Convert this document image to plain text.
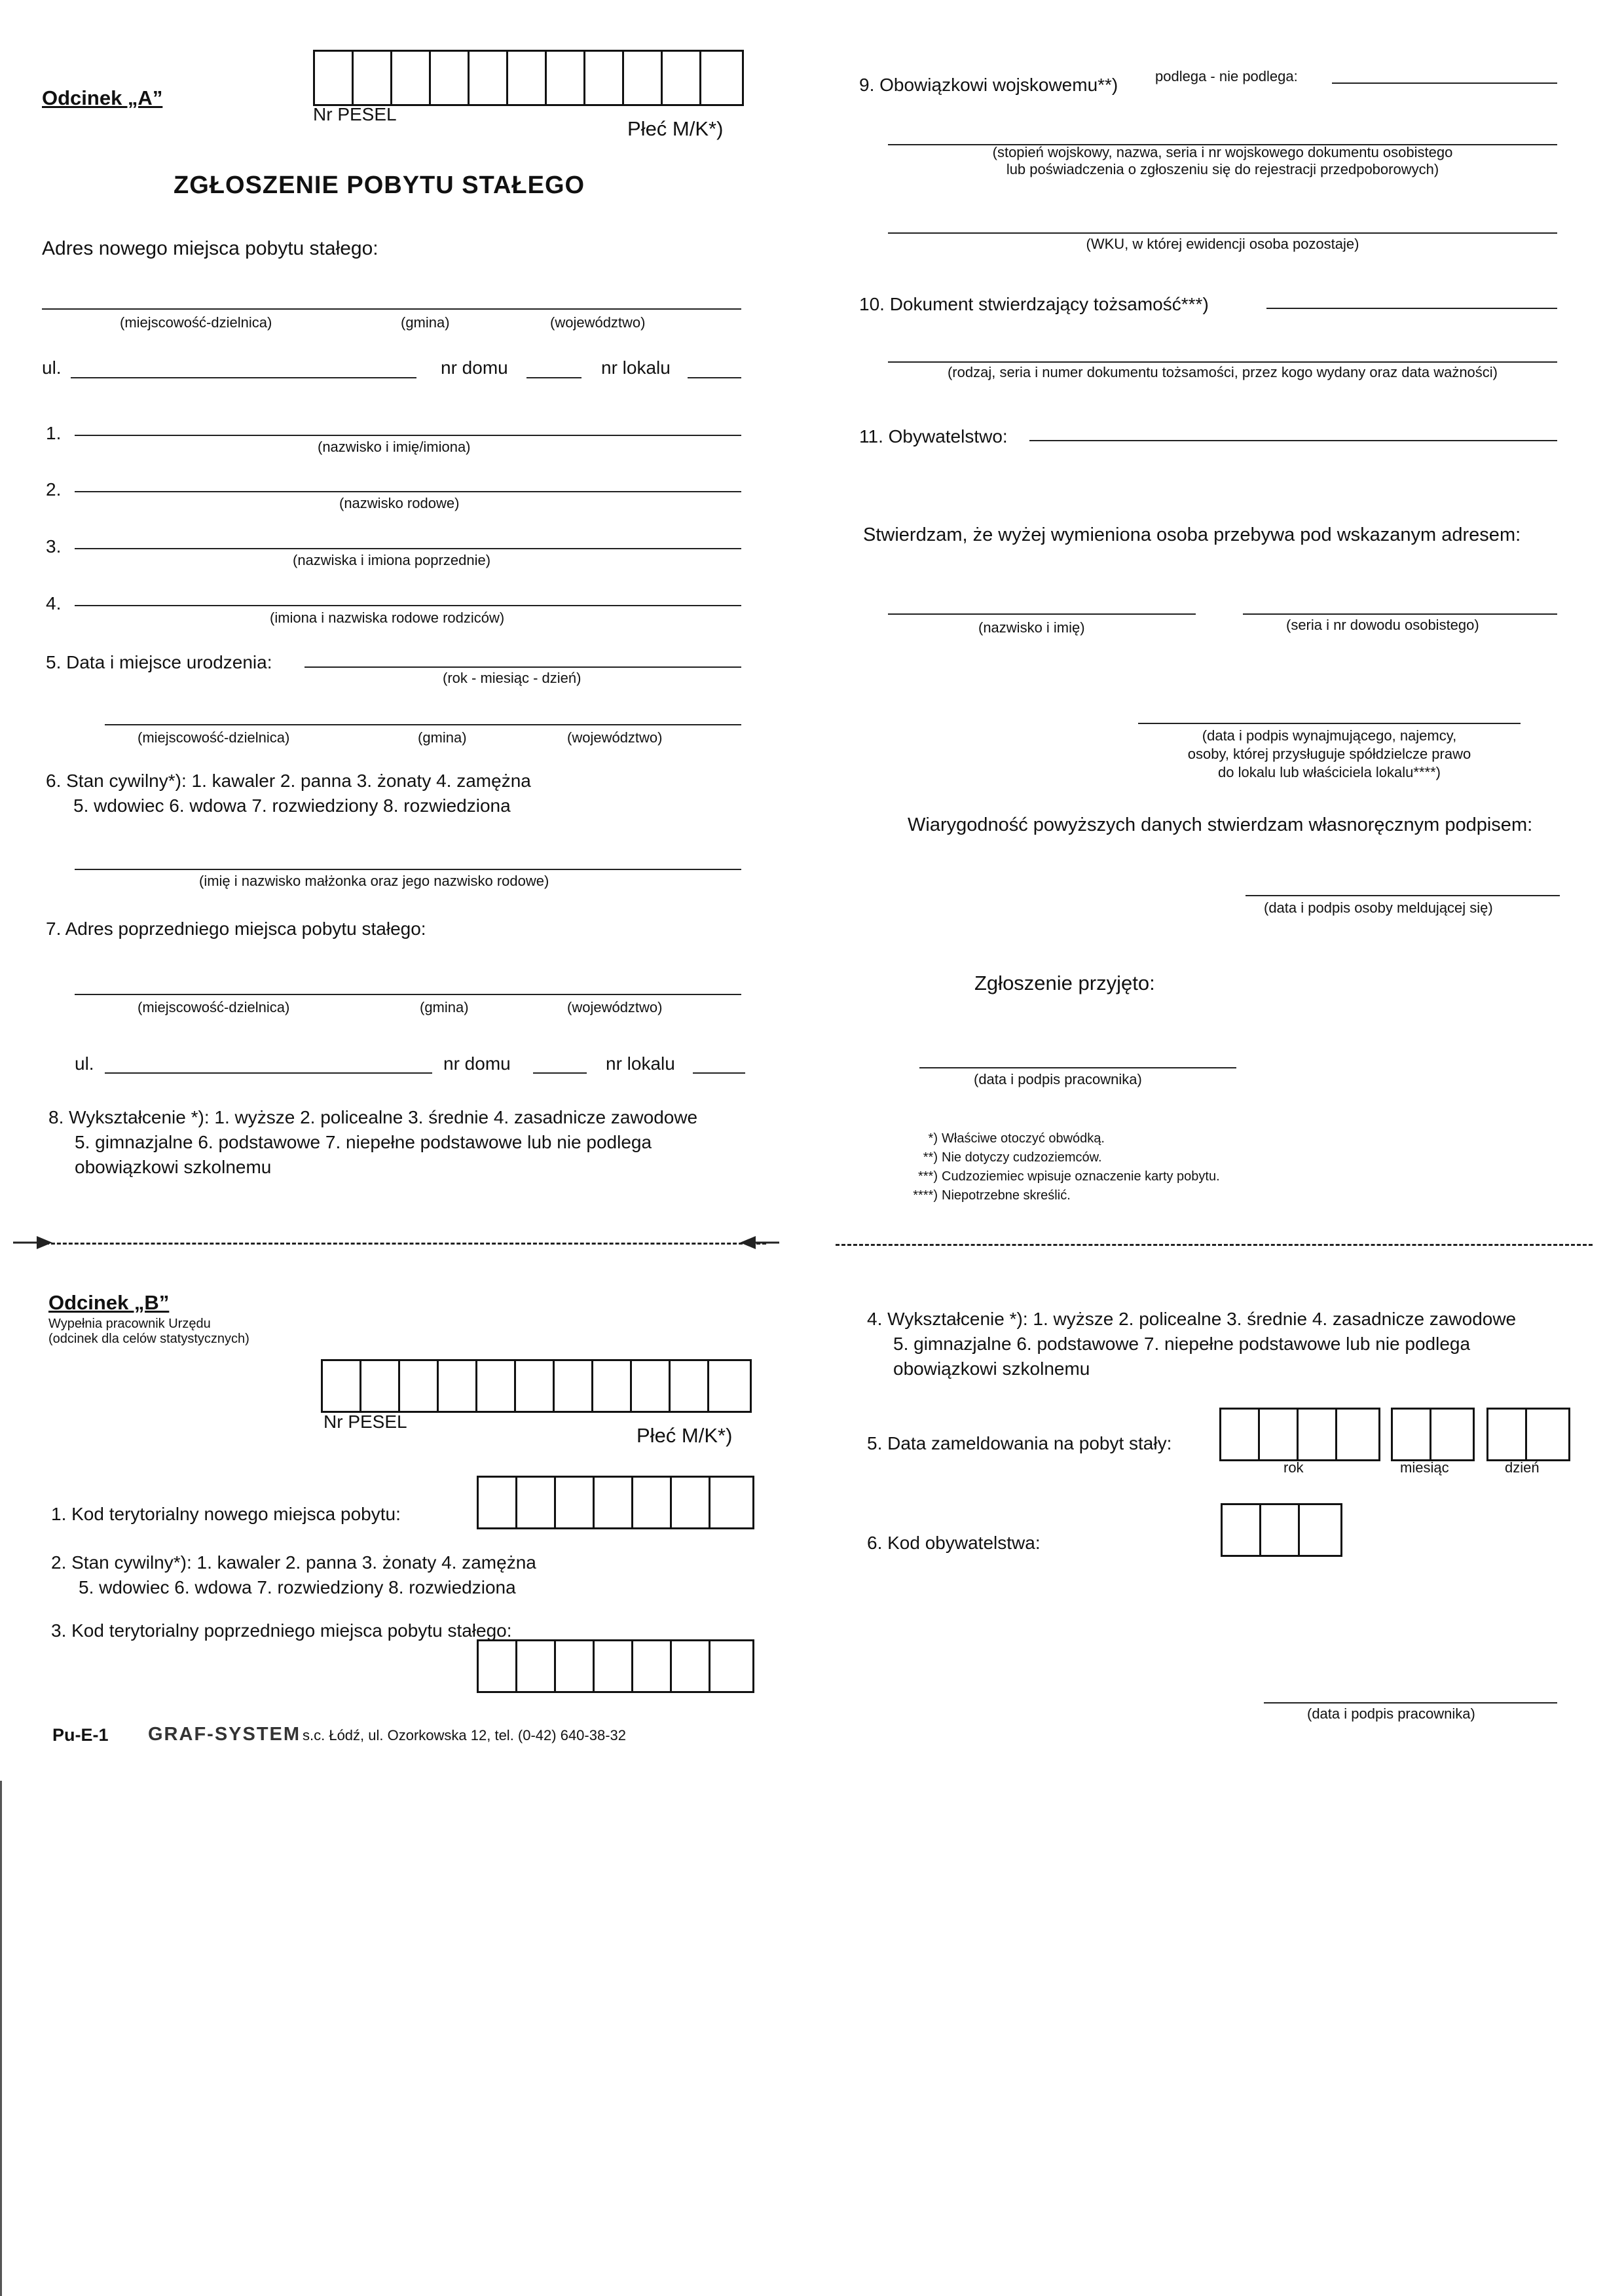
Odcinek „A”
Nr PESEL
Płeć M/K*)
ZGŁOSZENIE POBYTU STAŁEGO
Adres nowego miejsca pobytu stałego:
(miejscowość-dzielnica)	(gmina)	(województwo)
ul.	nr domu	nr lokalu
1.
(nazwisko i imię/imiona)
2.
(nazwisko rodowe)
3.
(nazwiska i imiona poprzednie)
4.
(imiona i nazwiska rodowe rodziców)
5. Data i miejsce urodzenia:
(rok - miesiąc - dzień)
(miejscowość-dzielnica)	(gmina)	(województwo)
6. Stan cywilny*): 1. kawaler 2. panna 3. żonaty 4. zamężna
5. wdowiec 6. wdowa 7. rozwiedziony 8. rozwiedziona
(imię i nazwisko małżonka oraz jego nazwisko rodowe)
7. Adres poprzedniego miejsca pobytu stałego:
(miejscowość-dzielnica)	(gmina)	(województwo)
ul.	nr domu	nr lokalu
8. Wykształcenie *): 1. wyższe 2. policealne 3. średnie 4. zasadnicze zawodowe
5. gimnazjalne 6. podstawowe 7. niepełne podstawowe lub nie podlega
obowiązkowi szkolnemu
9. Obowiązkowi wojskowemu**)	podlega - nie podlega:
(stopień wojskowy, nazwa, seria i nr wojskowego dokumentu osobistego
lub poświadczenia o zgłoszeniu się do rejestracji przedpoborowych)
(WKU, w której ewidencji osoba pozostaje)
10. Dokument stwierdzający tożsamość***)
(rodzaj, seria i numer dokumentu tożsamości, przez kogo wydany oraz data ważności)
11. Obywatelstwo:
Stwierdzam, że wyżej wymieniona osoba przebywa pod wskazanym adresem:
(nazwisko i imię)	(seria i nr dowodu osobistego)
(data i podpis wynajmującego, najemcy,
osoby, której przysługuje spółdzielcze prawo
do lokalu lub właściciela lokalu****)
Wiarygodność powyższych danych stwierdzam własnoręcznym podpisem:
(data i podpis osoby meldującej się)
Zgłoszenie przyjęto:
(data i podpis pracownika)
*) Właściwe otoczyć obwódką.
**) Nie dotyczy cudzoziemców.
***) Cudzoziemiec wpisuje oznaczenie karty pobytu.
****) Niepotrzebne skreślić.
Odcinek „B”
Wypełnia pracownik Urzędu
(odcinek dla celów statystycznych)
Nr PESEL
Płeć M/K*)
1. Kod terytorialny nowego miejsca pobytu:
2. Stan cywilny*): 1. kawaler 2. panna 3. żonaty 4. zamężna
5. wdowiec 6. wdowa 7. rozwiedziony 8. rozwiedziona
3. Kod terytorialny poprzedniego miejsca pobytu stałego:
4. Wykształcenie *): 1. wyższe 2. policealne 3. średnie 4. zasadnicze zawodowe
5. gimnazjalne 6. podstawowe 7. niepełne podstawowe lub nie podlega
obowiązkowi szkolnemu
5. Data zameldowania na pobyt stały:
rok	miesiąc	dzień
6. Kod obywatelstwa:
(data i podpis pracownika)
Pu-E-1 GRAF-SYSTEM s.c. Łódź, ul. Ozorkowska 12, tel. (0-42) 640-38-32
